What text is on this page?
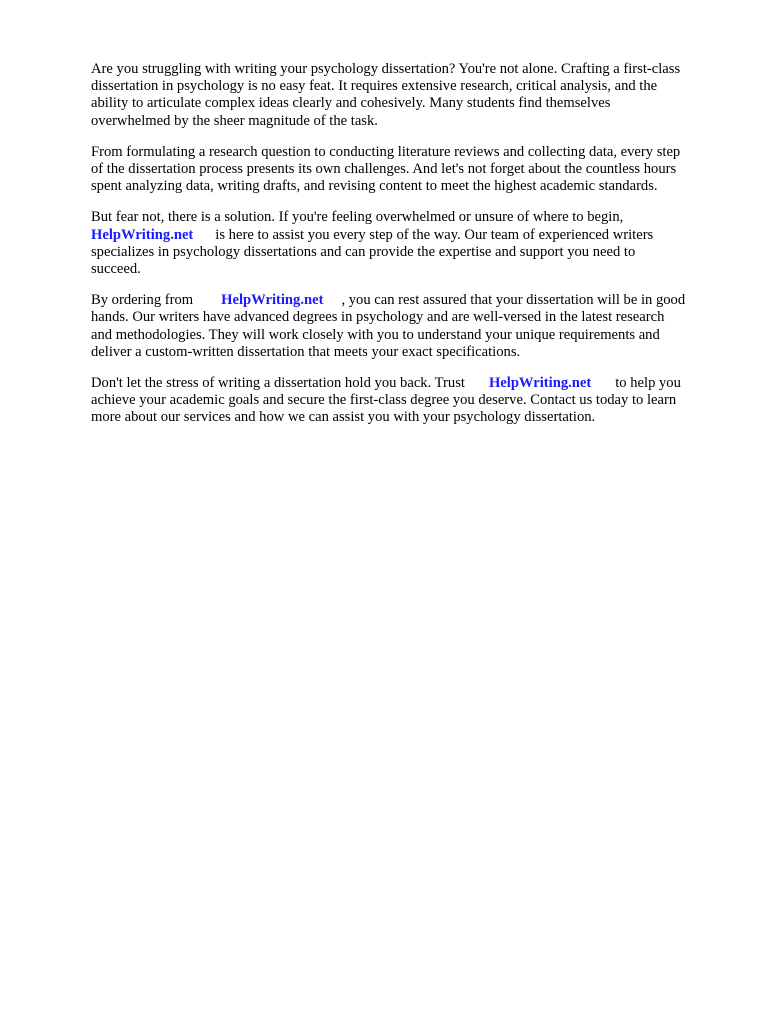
Are you struggling with writing your psychology dissertation? You're not alone. Crafting a first-class
dissertation in psychology is no easy feat. It requires extensive research, critical analysis, and the
ability to articulate complex ideas clearly and cohesively. Many students find themselves
overwhelmed by the sheer magnitude of the task.

From formulating a research question to conducting literature reviews and collecting data, every step
of the dissertation process presents its own challenges. And let's not forget about the countless hours
spent analyzing data, writing drafts, and revising content to meet the highest academic standards.

But fear not, there is a solution. If you're feeling overwhelmed or unsure of where to begin,
HelpWriting.net is here to assist you every step of the way. Our team of experienced writers
specializes in psychology dissertations and can provide the expertise and support you need to
succeed.

By ordering from HelpWriting.net , you can rest assured that your dissertation will be in good
hands. Our writers have advanced degrees in psychology and are well-versed in the latest research
and methodologies. They will work closely with you to understand your unique requirements and
deliver a custom-written dissertation that meets your exact specifications.

Don't let the stress of writing a dissertation hold you back. Trust HelpWriting.net to help you
achieve your academic goals and secure the first-class degree you deserve. Contact us today to learn
more about our services and how we can assist you with your psychology dissertation.
